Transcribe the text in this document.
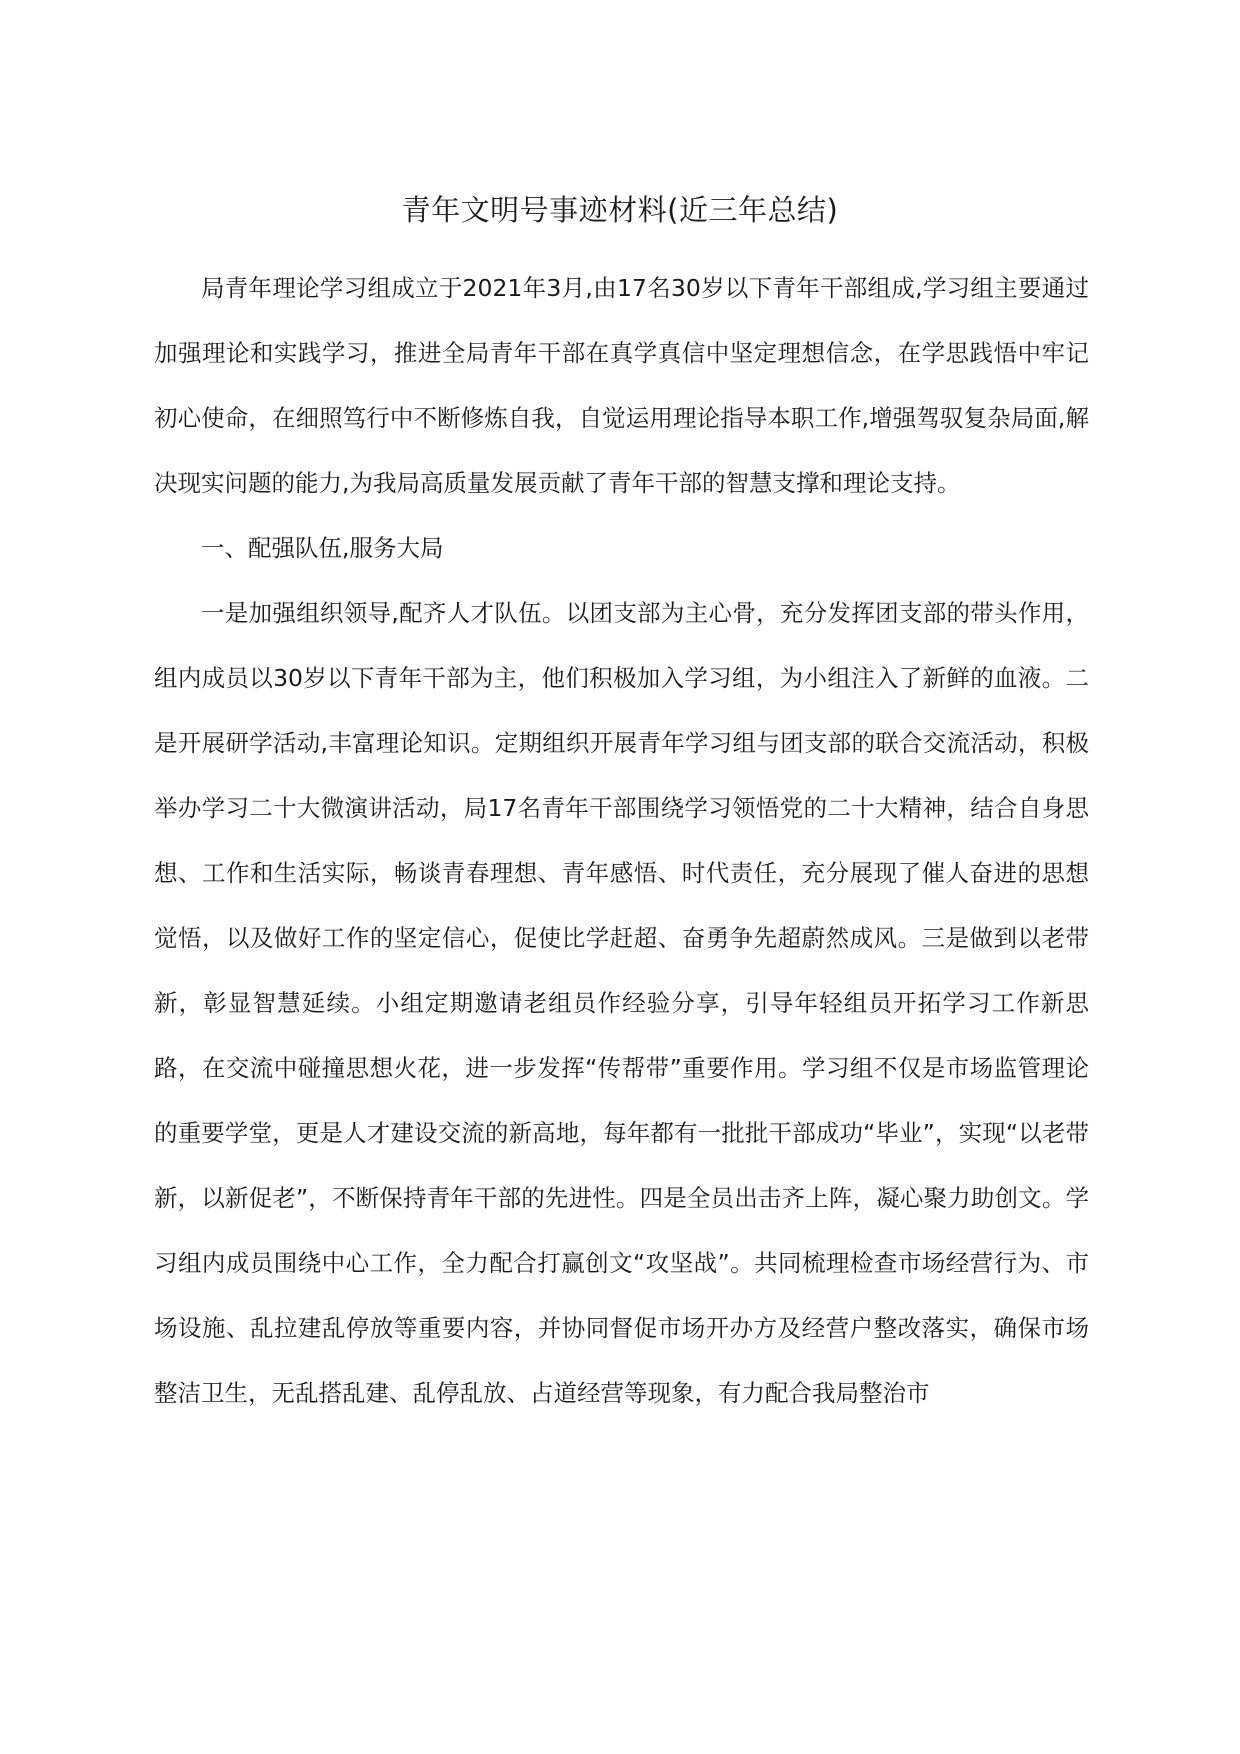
青年文明号事迹材料(近三年总结)

局青年理论学习组成立于2021年3月,由17名30岁以下青年干部组成,学习组主要通过加强理论和实践学习，推进全局青年干部在真学真信中坚定理想信念，在学思践悟中牢记初心使命，在细照笃行中不断修炼自我，自觉运用理论指导本职工作,增强驾驭复杂局面,解决现实问题的能力,为我局高质量发展贡献了青年干部的智慧支撑和理论支持。

一、配强队伍,服务大局

一是加强组织领导,配齐人才队伍。以团支部为主心骨，充分发挥团支部的带头作用，组内成员以30岁以下青年干部为主，他们积极加入学习组，为小组注入了新鲜的血液。二是开展研学活动,丰富理论知识。定期组织开展青年学习组与团支部的联合交流活动，积极举办学习二十大微演讲活动，局17名青年干部围绕学习领悟党的二十大精神，结合自身思想、工作和生活实际，畅谈青春理想、青年感悟、时代责任，充分展现了催人奋进的思想觉悟，以及做好工作的坚定信心，促使比学赶超、奋勇争先超蔚然成风。三是做到以老带新，彰显智慧延续。小组定期邀请老组员作经验分享，引导年轻组员开拓学习工作新思路，在交流中碰撞思想火花，进一步发挥“传帮带”重要作用。学习组不仅是市场监管理论的重要学堂，更是人才建设交流的新高地，每年都有一批批干部成功“毕业”，实现“以老带新，以新促老”，不断保持青年干部的先进性。四是全员出击齐上阵，凝心聚力助创文。学习组内成员围绕中心工作，全力配合打赢创文“攻坚战”。共同梳理检查市场经营行为、市场设施、乱拉建乱停放等重要内容，并协同督促市场开办方及经营户整改落实，确保市场整洁卫生，无乱搭乱建、乱停乱放、占道经营等现象，有力配合我局整治市
